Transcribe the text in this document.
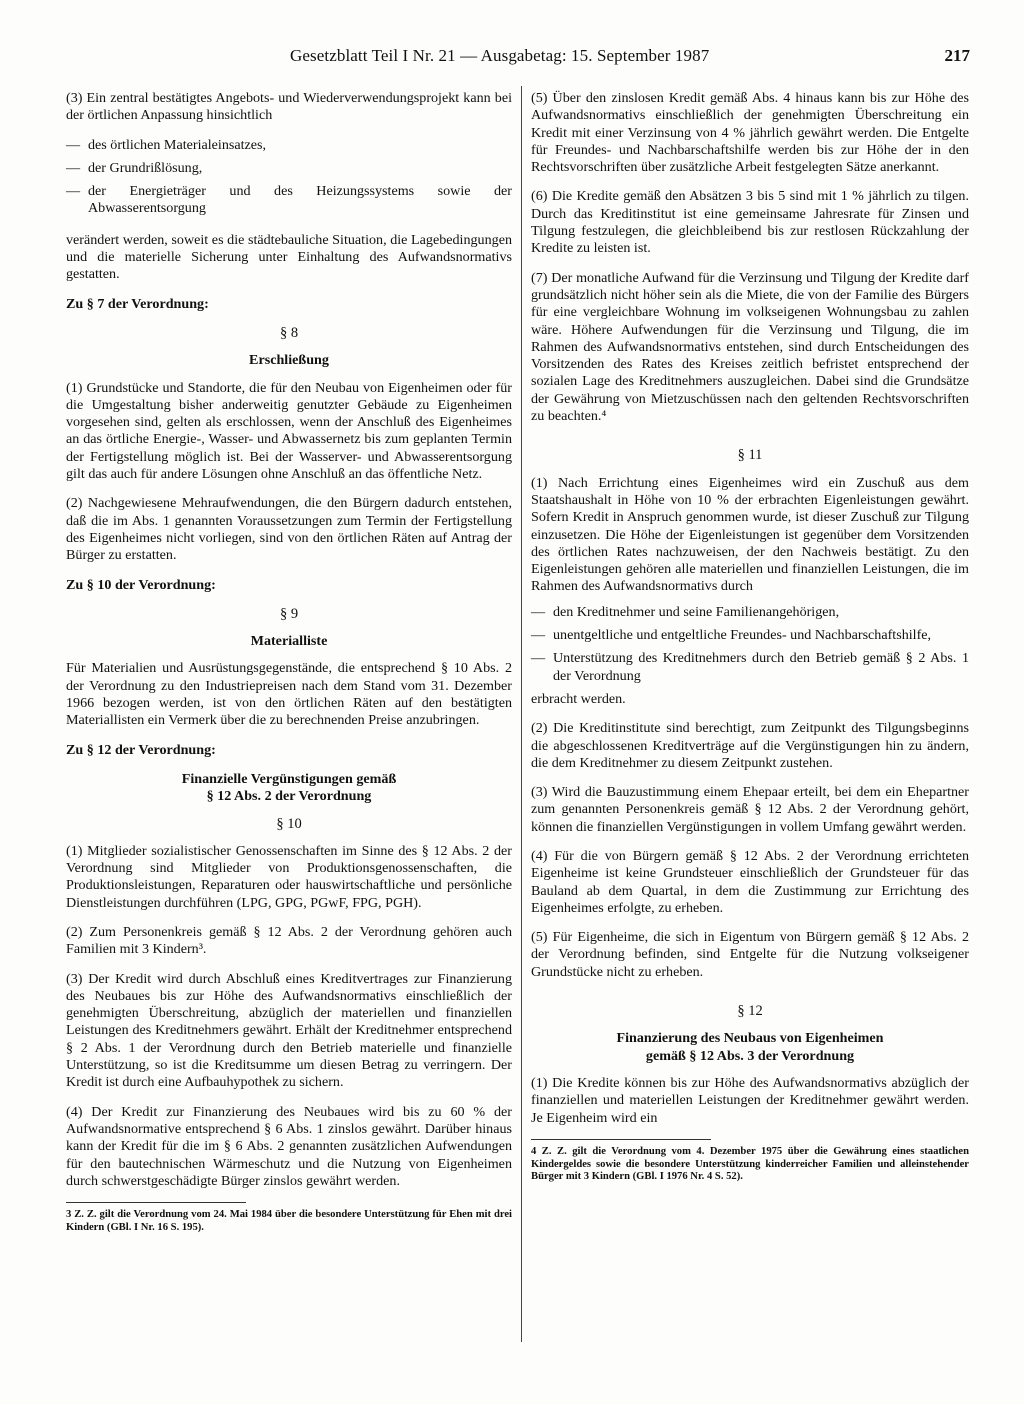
Gesetzblatt Teil I Nr. 21 — Ausgabetag: 15. September 1987	217

(3) Ein zentral bestätigtes Angebots- und Wiederverwendungsprojekt kann bei der örtlichen Anpassung hinsichtlich

— des örtlichen Materialeinsatzes,
— der Grundrißlösung,
— der Energieträger und des Heizungssystems sowie der Abwasserentsorgung

verändert werden, soweit es die städtebauliche Situation, die Lagebedingungen und die materielle Sicherung unter Einhaltung des Aufwandsnormativs gestatten.

Zu § 7 der Verordnung:
§ 8
Erschließung

(1) Grundstücke und Standorte, die für den Neubau von Eigenheimen oder für die Umgestaltung bisher anderweitig genutzter Gebäude zu Eigenheimen vorgesehen sind, gelten als erschlossen, wenn der Anschluß des Eigenheimes an das örtliche Energie-, Wasser- und Abwassernetz bis zum geplanten Termin der Fertigstellung möglich ist. Bei der Wasserver- und Abwasserentsorgung gilt das auch für andere Lösungen ohne Anschluß an das öffentliche Netz.

(2) Nachgewiesene Mehraufwendungen, die den Bürgern dadurch entstehen, daß die im Abs. 1 genannten Voraussetzungen zum Termin der Fertigstellung des Eigenheimes nicht vorliegen, sind von den örtlichen Räten auf Antrag der Bürger zu erstatten.

Zu § 10 der Verordnung:
§ 9
Materialliste

Für Materialien und Ausrüstungsgegenstände, die entsprechend § 10 Abs. 2 der Verordnung zu den Industriepreisen nach dem Stand vom 31. Dezember 1966 bezogen werden, ist von den örtlichen Räten auf den bestätigten Materiallisten ein Vermerk über die zu berechnenden Preise anzubringen.

Zu § 12 der Verordnung:
Finanzielle Vergünstigungen gemäß
§ 12 Abs. 2 der Verordnung
§ 10

(1) Mitglieder sozialistischer Genossenschaften im Sinne des § 12 Abs. 2 der Verordnung sind Mitglieder von Produktionsgenossenschaften, die Produktionsleistungen, Reparaturen oder hauswirtschaftliche und persönliche Dienstleistungen durchführen (LPG, GPG, PGwF, FPG, PGH).

(2) Zum Personenkreis gemäß § 12 Abs. 2 der Verordnung gehören auch Familien mit 3 Kindern³.

(3) Der Kredit wird durch Abschluß eines Kreditvertrages zur Finanzierung des Neubaues bis zur Höhe des Aufwandsnormativs einschließlich der genehmigten Überschreitung, abzüglich der materiellen und finanziellen Leistungen des Kreditnehmers gewährt. Erhält der Kreditnehmer entsprechend § 2 Abs. 1 der Verordnung durch den Betrieb materielle und finanzielle Unterstützung, so ist die Kreditsumme um diesen Betrag zu verringern. Der Kredit ist durch eine Aufbauhypothek zu sichern.

(4) Der Kredit zur Finanzierung des Neubaues wird bis zu 60 % der Aufwandsnormative entsprechend § 6 Abs. 1 zinslos gewährt. Darüber hinaus kann der Kredit für die im § 6 Abs. 2 genannten zusätzlichen Aufwendungen für den bautechnischen Wärmeschutz und die Nutzung von Eigenheimen durch schwerstgeschädigte Bürger zinslos gewährt werden.

3 Z. Z. gilt die Verordnung vom 24. Mai 1984 über die besondere Unterstützung für Ehen mit drei Kindern (GBl. I Nr. 16 S. 195).

(5) Über den zinslosen Kredit gemäß Abs. 4 hinaus kann bis zur Höhe des Aufwandsnormativs einschließlich der genehmigten Überschreitung ein Kredit mit einer Verzinsung von 4 % jährlich gewährt werden. Die Entgelte für Freundes- und Nachbarschaftshilfe werden bis zur Höhe der in den Rechtsvorschriften über zusätzliche Arbeit festgelegten Sätze anerkannt.

(6) Die Kredite gemäß den Absätzen 3 bis 5 sind mit 1 % jährlich zu tilgen. Durch das Kreditinstitut ist eine gemeinsame Jahresrate für Zinsen und Tilgung festzulegen, die gleichbleibend bis zur restlosen Rückzahlung der Kredite zu leisten ist.

(7) Der monatliche Aufwand für die Verzinsung und Tilgung der Kredite darf grundsätzlich nicht höher sein als die Miete, die von der Familie des Bürgers für eine vergleichbare Wohnung im volkseigenen Wohnungsbau zu zahlen wäre. Höhere Aufwendungen für die Verzinsung und Tilgung, die im Rahmen des Aufwandsnormativs entstehen, sind durch Entscheidungen des Vorsitzenden des Rates des Kreises zeitlich befristet entsprechend der sozialen Lage des Kreditnehmers auszugleichen. Dabei sind die Grundsätze der Gewährung von Mietzuschüssen nach den geltenden Rechtsvorschriften zu beachten.⁴

§ 11

(1) Nach Errichtung eines Eigenheimes wird ein Zuschuß aus dem Staatshaushalt in Höhe von 10 % der erbrachten Eigenleistungen gewährt. Sofern Kredit in Anspruch genommen wurde, ist dieser Zuschuß zur Tilgung einzusetzen. Die Höhe der Eigenleistungen ist gegenüber dem Vorsitzenden des örtlichen Rates nachzuweisen, der den Nachweis bestätigt. Zu den Eigenleistungen gehören alle materiellen und finanziellen Leistungen, die im Rahmen des Aufwandsnormativs durch

— den Kreditnehmer und seine Familienangehörigen,
— unentgeltliche und entgeltliche Freundes- und Nachbarschaftshilfe,
— Unterstützung des Kreditnehmers durch den Betrieb gemäß § 2 Abs. 1 der Verordnung

erbracht werden.

(2) Die Kreditinstitute sind berechtigt, zum Zeitpunkt des Tilgungsbeginns die abgeschlossenen Kreditverträge auf die Vergünstigungen hin zu ändern, die dem Kreditnehmer zu diesem Zeitpunkt zustehen.

(3) Wird die Bauzustimmung einem Ehepaar erteilt, bei dem ein Ehepartner zum genannten Personenkreis gemäß § 12 Abs. 2 der Verordnung gehört, können die finanziellen Vergünstigungen in vollem Umfang gewährt werden.

(4) Für die von Bürgern gemäß § 12 Abs. 2 der Verordnung errichteten Eigenheime ist keine Grundsteuer einschließlich der Grundsteuer für das Bauland ab dem Quartal, in dem die Zustimmung zur Errichtung des Eigenheimes erfolgte, zu erheben.

(5) Für Eigenheime, die sich in Eigentum von Bürgern gemäß § 12 Abs. 2 der Verordnung befinden, sind Entgelte für die Nutzung volkseigener Grundstücke nicht zu erheben.

§ 12
Finanzierung des Neubaus von Eigenheimen
gemäß § 12 Abs. 3 der Verordnung

(1) Die Kredite können bis zur Höhe des Aufwandsnormativs abzüglich der finanziellen und materiellen Leistungen der Kreditnehmer gewährt werden. Je Eigenheim wird ein

4 Z. Z. gilt die Verordnung vom 4. Dezember 1975 über die Gewährung eines staatlichen Kindergeldes sowie die besondere Unterstützung kinderreicher Familien und alleinstehender Bürger mit 3 Kindern (GBl. I 1976 Nr. 4 S. 52).
